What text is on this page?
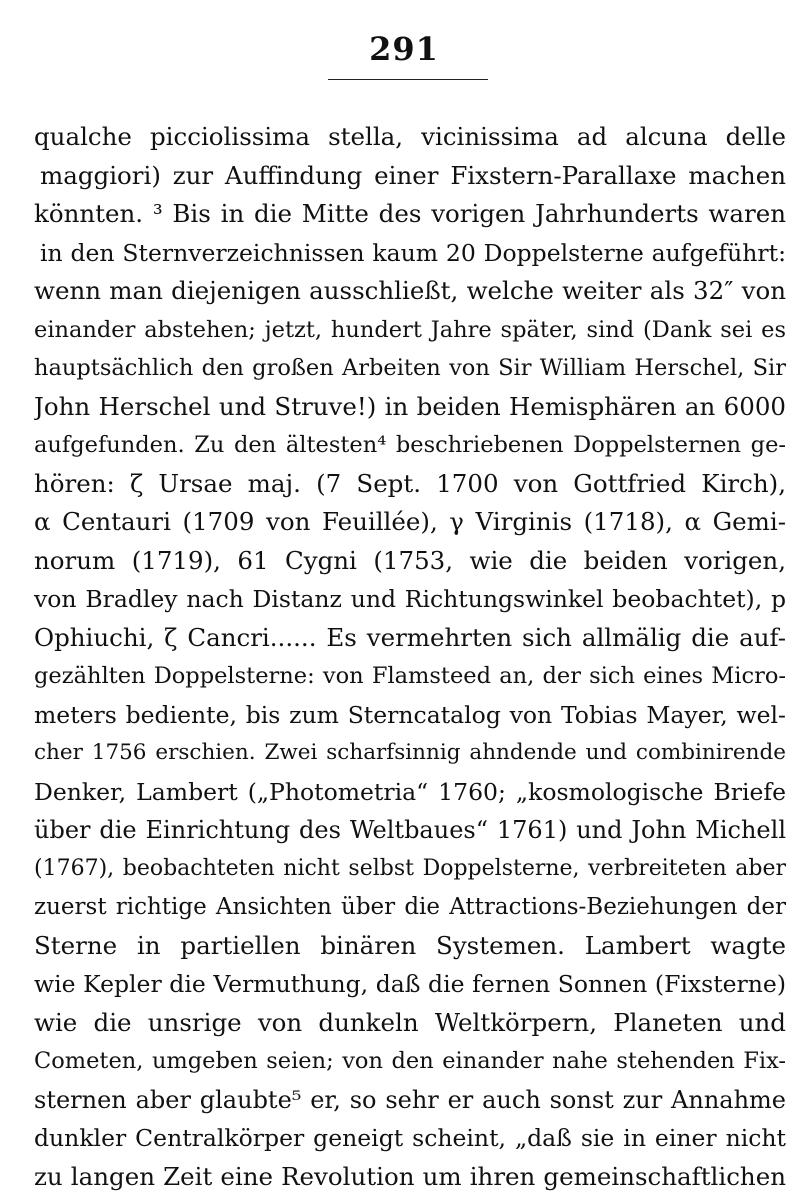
291
qualche picciolissima stella, vicinissima ad alcuna delle
maggiori) zur Auffindung einer Fixstern-Parallaxe machen
könnten. ³ Bis in die Mitte des vorigen Jahrhunderts waren
in den Sternverzeichnissen kaum 20 Doppelsterne aufgeführt:
wenn man diejenigen ausschließt, welche weiter als 32″ von
einander abstehen; jetzt, hundert Jahre später, sind (Dank sei es
hauptsächlich den großen Arbeiten von Sir William Herschel, Sir
John Herschel und Struve!) in beiden Hemisphären an 6000
aufgefunden. Zu den ältesten⁴ beschriebenen Doppelsternen ge-
hören: ζ Ursae maj. (7 Sept. 1700 von Gottfried Kirch),
α Centauri (1709 von Feuillée), γ Virginis (1718), α Gemi-
norum (1719), 61 Cygni (1753, wie die beiden vorigen,
von Bradley nach Distanz und Richtungswinkel beobachtet), p
Ophiuchi, ζ Cancri...... Es vermehrten sich allmälig die auf-
gezählten Doppelsterne: von Flamsteed an, der sich eines Micro-
meters bediente, bis zum Sterncatalog von Tobias Mayer, wel-
cher 1756 erschien. Zwei scharfsinnig ahndende und combinirende
Denker, Lambert („Photometria“ 1760; „kosmologische Briefe
über die Einrichtung des Weltbaues“ 1761) und John Michell
(1767), beobachteten nicht selbst Doppelsterne, verbreiteten aber
zuerst richtige Ansichten über die Attractions-Beziehungen der
Sterne in partiellen binären Systemen. Lambert wagte
wie Kepler die Vermuthung, daß die fernen Sonnen (Fixsterne)
wie die unsrige von dunkeln Weltkörpern, Planeten und
Cometen, umgeben seien; von den einander nahe stehenden Fix-
sternen aber glaubte⁵ er, so sehr er auch sonst zur Annahme
dunkler Centralkörper geneigt scheint, „daß sie in einer nicht
zu langen Zeit eine Revolution um ihren gemeinschaftlichen
